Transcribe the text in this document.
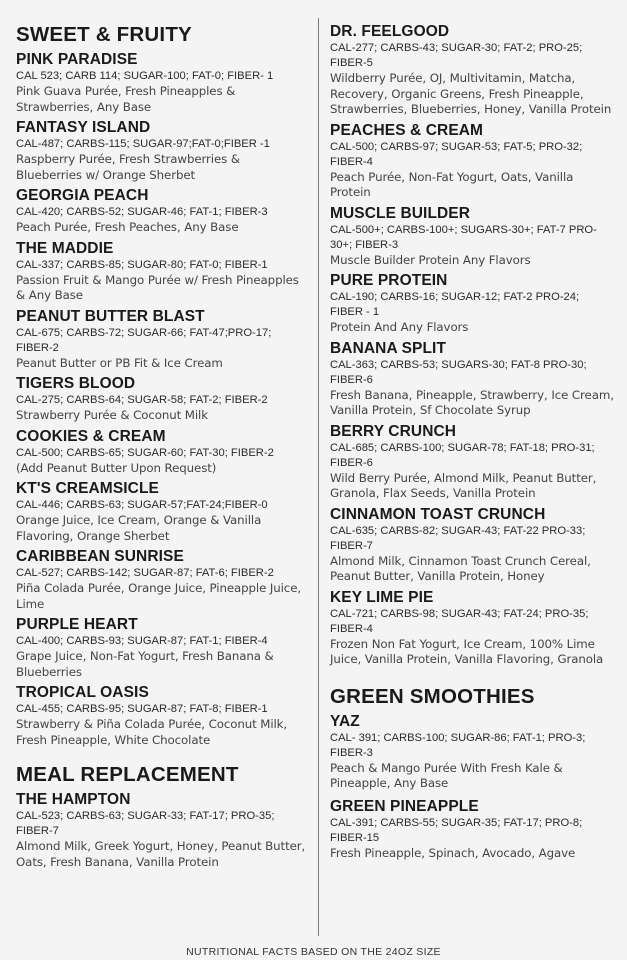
SWEET & FRUITY
PINK PARADISE
CAL 523; CARB 114; SUGAR-100; FAT-0; FIBER- 1
Pink Guava Purée, Fresh Pineapples & Strawberries, Any Base
FANTASY ISLAND
CAL-487; CARBS-115; SUGAR-97;FAT-0;FIBER -1
Raspberry Purée, Fresh Strawberries & Blueberries w/ Orange Sherbet
GEORGIA PEACH
CAL-420; CARBS-52; SUGAR-46; FAT-1; FIBER-3
Peach Purée, Fresh Peaches, Any Base
THE MADDIE
CAL-337; CARBS-85; SUGAR-80; FAT-0; FIBER-1
Passion Fruit & Mango Purée w/ Fresh Pineapples & Any Base
PEANUT BUTTER BLAST
CAL-675; CARBS-72; SUGAR-66; FAT-47;PRO-17; FIBER-2
Peanut Butter or PB Fit & Ice Cream
TIGERS BLOOD
CAL-275; CARBS-64; SUGAR-58; FAT-2; FIBER-2
Strawberry Purée & Coconut Milk
COOKIES & CREAM
CAL-500; CARBS-65; SUGAR-60; FAT-30; FIBER-2
(Add Peanut Butter Upon Request)
KT'S CREAMSICLE
CAL-446; CARBS-63; SUGAR-57;FAT-24;FIBER-0
Orange Juice, Ice Cream, Orange & Vanilla Flavoring, Orange Sherbet
CARIBBEAN SUNRISE
CAL-527; CARBS-142; SUGAR-87; FAT-6; FIBER-2
Piña Colada Purée, Orange Juice, Pineapple Juice, Lime
PURPLE HEART
CAL-400; CARBS-93; SUGAR-87; FAT-1; FIBER-4
Grape Juice, Non-Fat Yogurt, Fresh Banana & Blueberries
TROPICAL OASIS
CAL-455; CARBS-95; SUGAR-87; FAT-8; FIBER-1
Strawberry & Piña Colada Purée, Coconut Milk, Fresh Pineapple, White Chocolate
MEAL REPLACEMENT
THE HAMPTON
CAL-523; CARBS-63; SUGAR-33; FAT-17; PRO-35; FIBER-7
Almond Milk, Greek Yogurt, Honey, Peanut Butter, Oats, Fresh Banana, Vanilla Protein
DR. FEELGOOD
CAL-277; CARBS-43; SUGAR-30; FAT-2; PRO-25; FIBER-5
Wildberry Purée, OJ, Multivitamin, Matcha, Recovery, Organic Greens, Fresh Pineapple, Strawberries, Blueberries, Honey, Vanilla Protein
PEACHES & CREAM
CAL-500; CARBS-97; SUGAR-53; FAT-5; PRO-32; FIBER-4
Peach Purée, Non-Fat Yogurt, Oats, Vanilla Protein
MUSCLE BUILDER
CAL-500+; CARBS-100+; SUGARS-30+; FAT-7 PRO-30+; FIBER-3
Muscle Builder Protein Any Flavors
PURE PROTEIN
CAL-190; CARBS-16; SUGAR-12; FAT-2 PRO-24; FIBER - 1
Protein And Any Flavors
BANANA SPLIT
CAL-363; CARBS-53; SUGARS-30; FAT-8 PRO-30; FIBER-6
Fresh Banana, Pineapple, Strawberry, Ice Cream, Vanilla Protein, Sf Chocolate Syrup
BERRY CRUNCH
CAL-685; CARBS-100; SUGAR-78; FAT-18; PRO-31; FIBER-6
Wild Berry Purée, Almond Milk, Peanut Butter, Granola, Flax Seeds, Vanilla Protein
CINNAMON TOAST CRUNCH
CAL-635; CARBS-82; SUGAR-43; FAT-22 PRO-33; FIBER-7
Almond Milk, Cinnamon Toast Crunch Cereal, Peanut Butter, Vanilla Protein, Honey
KEY LIME PIE
CAL-721; CARBS-98; SUGAR-43; FAT-24; PRO-35; FIBER-4
Frozen Non Fat Yogurt, Ice Cream, 100% Lime Juice, Vanilla Protein, Vanilla Flavoring, Granola
GREEN SMOOTHIES
YAZ
CAL- 391; CARBS-100; SUGAR-86; FAT-1; PRO-3; FIBER-3
Peach & Mango Purée With Fresh Kale & Pineapple, Any Base
GREEN PINEAPPLE
CAL-391; CARBS-55; SUGAR-35; FAT-17; PRO-8; FIBER-15
Fresh Pineapple, Spinach, Avocado, Agave
NUTRITIONAL FACTS BASED ON THE 24OZ SIZE
